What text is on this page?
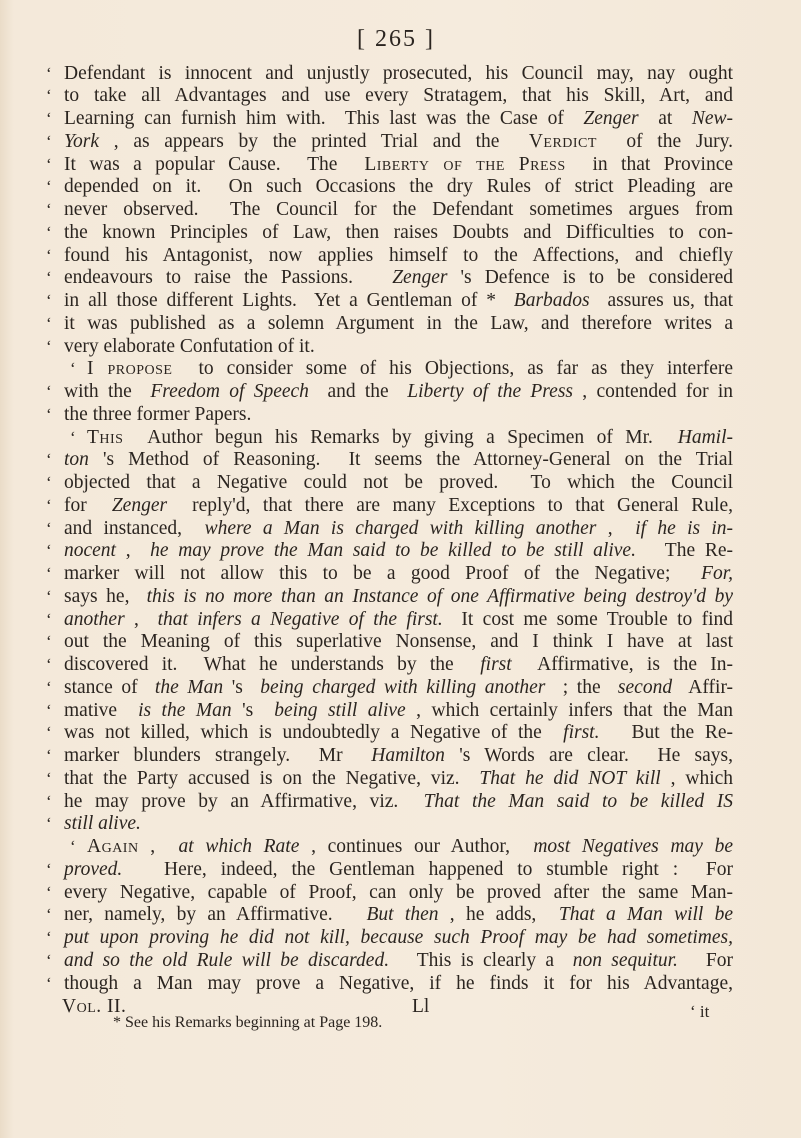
[ 265 ]
‘ Defendant is innocent and unjustly prosecuted, his Council may, nay ought
‘ to take all Advantages and use every Stratagem, that his Skill, Art, and
‘ Learning can furnish him with.  This last was the Case of  Zenger  at  New-
‘ York , as appears by the printed Trial and the  Verdict  of the Jury.
‘ It was a popular Cause.  The  Liberty of the Press  in that Province
‘ depended on it.  On such Occasions the dry Rules of strict Pleading are
‘ never observed.  The Council for the Defendant sometimes argues from
‘ the known Principles of Law, then raises Doubts and Difficulties to con-
‘ found his Antagonist, now applies himself to the Affections, and chiefly
‘ endeavours to raise the Passions.   Zenger 's Defence is to be considered
‘ in all those different Lights.  Yet a Gentleman of *  Barbados  assures us, that
‘ it was published as a solemn Argument in the Law, and therefore writes a
‘ very elaborate Confutation of it.
‘ I propose  to consider some of his Objections, as far as they interfere
‘ with the  Freedom of Speech  and the  Liberty of the Press , contended for in
‘ the three former Papers.
‘ This  Author begun his Remarks by giving a Specimen of Mr.  Hamil-
‘ ton 's Method of Reasoning.  It seems the Attorney-General on the Trial
‘ objected that a Negative could not be proved.  To which the Council
‘ for  Zenger  reply'd, that there are many Exceptions to that General Rule,
‘ and instanced,  where a Man is charged with killing another ,  if he is in-
‘ nocent ,  he may prove the Man said to be killed to be still alive.   The Re-
‘ marker will not allow this to be a good Proof of the Negative;  For,
‘ says he,  this is no more than an Instance of one Affirmative being destroy'd by
‘ another ,  that infers a Negative of the first.  It cost me some Trouble to find
‘ out the Meaning of this superlative Nonsense, and I think I have at last
‘ discovered it.  What he understands by the  first  Affirmative, is the In-
‘ stance of  the Man 's  being charged with killing another  ; the  second  Affir-
‘ mative  is the Man 's  being still alive , which certainly infers that the Man
‘ was not killed, which is undoubtedly a Negative of the  first.   But the Re-
‘ marker blunders strangely.  Mr  Hamilton 's Words are clear.  He says,
‘ that the Party accused is on the Negative, viz.  That he did NOT kill , which
‘ he may prove by an Affirmative, viz.  That the Man said to be killed IS
‘ still alive.
‘ Again ,  at which Rate , continues our Author,  most Negatives may be
‘ proved.   Here, indeed, the Gentleman happened to stumble right :  For
‘ every Negative, capable of Proof, can only be proved after the same Man-
‘ ner, namely, by an Affirmative.   But then , he adds,  That a Man will be
‘ put upon proving he did not kill, because such Proof may be had sometimes,
‘ and so the old Rule will be discarded.   This is clearly a  non sequitur.   For
‘ though a Man may prove a Negative, if he finds it for his Advantage,
Vol. II.	Ll	‘ it
* See his Remarks beginning at Page 198.
